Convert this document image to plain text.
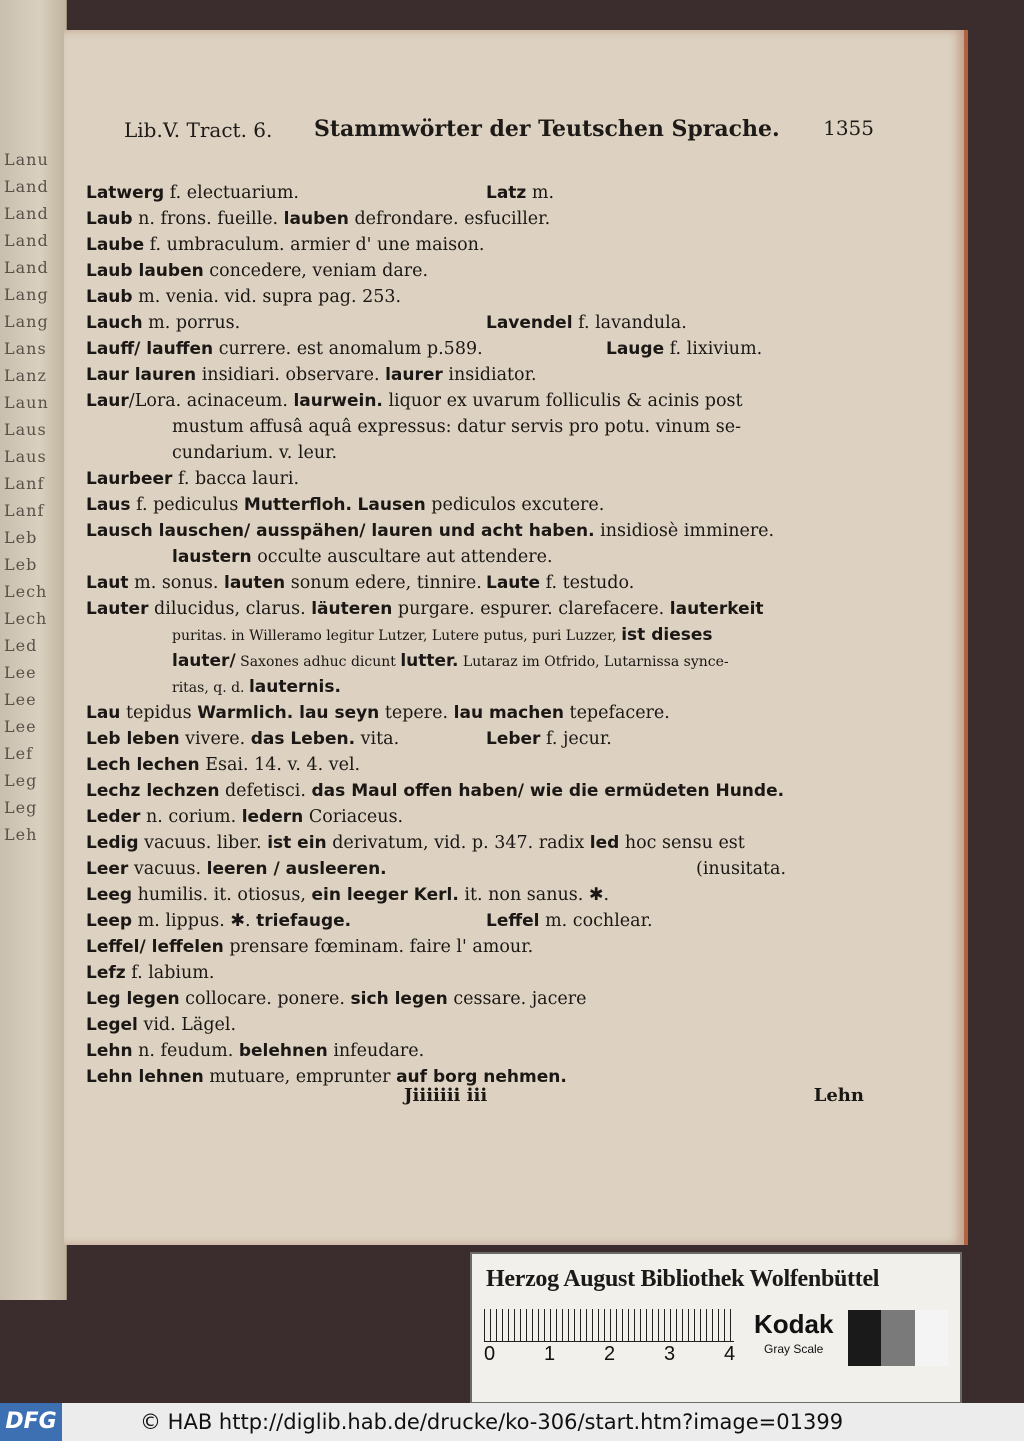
Lanu
Land
Land
Land
Land
Lang
Lang
Lans
Lanz
Laun
Laus
Laus
Lanf
Lanf
Leb
Leb
Lech
Lech
Led
Lee
Lee
Lee
Lef
Leg
Leg
Leh
Lib.V. Tract. 6. Stammwörter der Teutschen Sprache. 1355
Latwerg f. electuarium.	Latz m.
Laub n. frons. fueille. lauben defrondare. esfuciller.
Laube f. umbraculum. armier d' une maison.
Laub lauben concedere, veniam dare.
Laub m. venia. vid. supra pag. 253.
Lauch m. porrus.	Lavendel f. lavandula.
Lauff/ lauffen currere. est anomalum p.589.	Lauge f. lixivium.
Laur lauren insidiari. observare. laurer insidiator.
Laur/Lora. acinaceum. laurwein. liquor ex uvarum folliculis & acinis post
mustum affusâ aquâ expressus: datur servis pro potu. vinum se-
cundarium. v. leur.
Laurbeer f. bacca lauri.
Laus f. pediculus Mutterfloh. Lausen pediculos excutere.
Lausch lauschen/ ausspähen/ lauren und acht haben. insidiosè imminere.
laustern occulte auscultare aut attendere.
Laut m. sonus. lauten sonum edere, tinnire. Laute f. testudo.
Lauter dilucidus, clarus. läuteren purgare. espurer. clarefacere. lauterkeit
puritas. in Willeramo legitur Lutzer, Lutere putus, puri Luzzer, ist dieses
lauter/ Saxones adhuc dicunt lutter. Lutaraz im Otfrido, Lutarnissa synce-
ritas, q. d. lauternis.
Lau tepidus Warmlich. lau seyn tepere. lau machen tepefacere.
Leb leben vivere. das Leben. vita.	Leber f. jecur.
Lech lechen Esai. 14. v. 4. vel.
Lechz lechzen defetisci. das Maul offen haben/ wie die ermüdeten Hunde.
Leder n. corium. ledern Coriaceus.
Ledig vacuus. liber. ist ein derivatum, vid. p. 347. radix led hoc sensu est
Leer vacuus. leeren / ausleeren.	(inusitata.
Leeg humilis. it. otiosus, ein leeger Kerl. it. non sanus. ✱.
Leep m. lippus. ✱. triefauge.	Leffel m. cochlear.
Leffel/ leffelen prensare fœminam. faire l' amour.
Lefz f. labium.
Leg legen collocare. ponere. sich legen cessare. jacere
Legel vid. Lägel.
Lehn n. feudum. belehnen infeudare.
Lehn lehnen mutuare, emprunter auf borg nehmen.
Jiiiiiii iii	Lehn
Herzog August Bibliothek Wolfenbüttel
0 1 2 3 4
Kodak
Gray Scale
DFG	© HAB http://diglib.hab.de/drucke/ko-306/start.htm?image=01399
